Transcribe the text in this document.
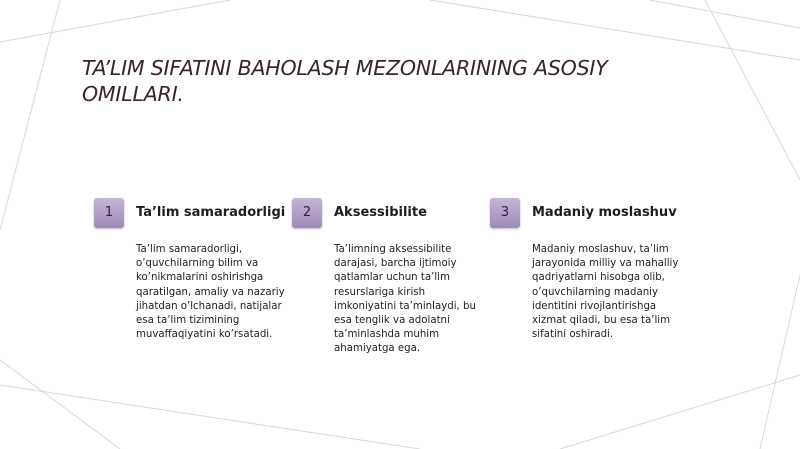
TA’LIM SIFATINI BAHOLASH MEZONLARINING ASOSIY OMILLARI.
1	Ta’lim samaradorligi

Ta’lim samaradorligi, o’quvchilarning bilim va ko’nikmalarini oshirishga qaratilgan, amaliy va nazariy jihatdan o’lchanadi, natijalar esa ta’lim tizimining muvaffaqiyatini ko’rsatadi.

2	Aksessibilite

Ta’limning aksessibilite darajasi, barcha ijtimoiy qatlamlar uchun ta’lim resurslariga kirish imkoniyatini ta’minlaydi, bu esa tenglik va adolatni ta’minlashda muhim ahamiyatga ega.

3	Madaniy moslashuv

Madaniy moslashuv, ta’lim jarayonida milliy va mahalliy qadriyatlarni hisobga olib, o’quvchilarning madaniy identitini rivojlantirishga xizmat qiladi, bu esa ta’lim sifatini oshiradi.
